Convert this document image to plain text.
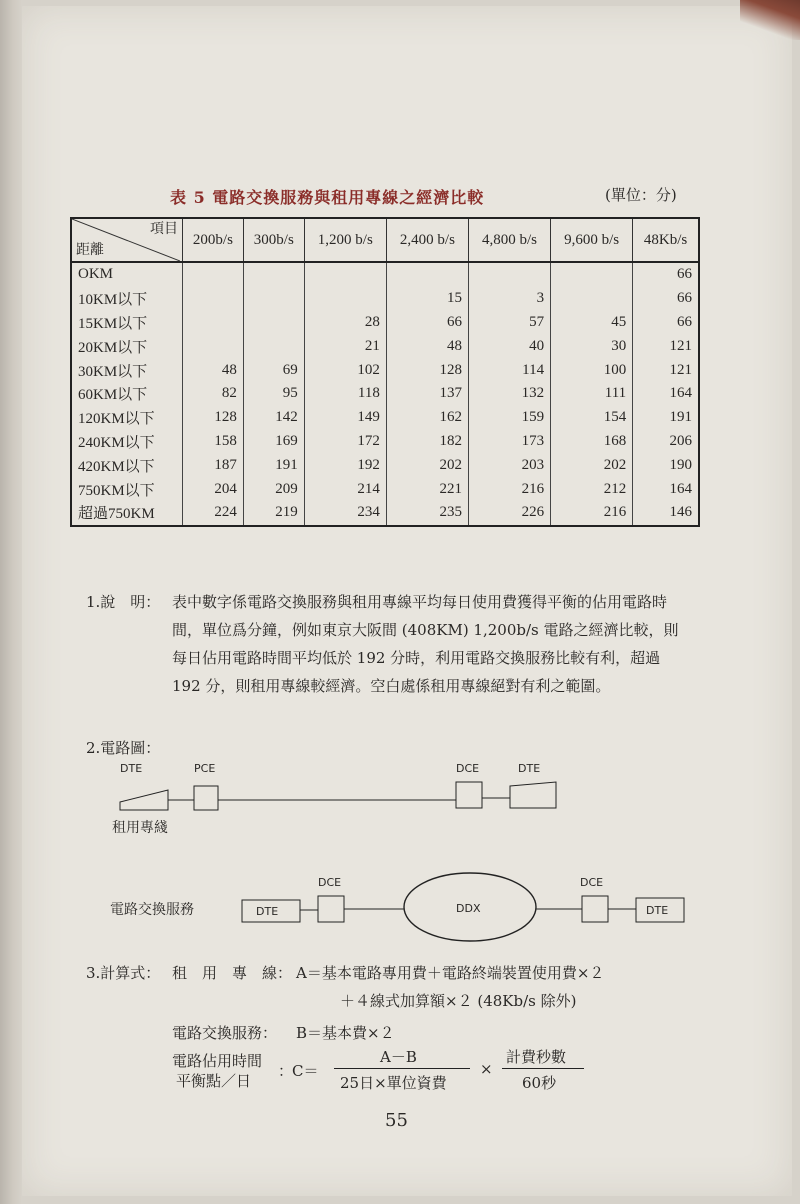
表 5 電路交換服務與租用專線之經濟比較	(單位：分)
項目
距離	200b/s	300b/s	1,200 b/s	2,400 b/s	4,800 b/s	9,600 b/s	48Kb/s
OKM							66
10KM以下				15	3		66
15KM以下			28	66	57	45	66
20KM以下			21	48	40	30	121
30KM以下	48	69	102	128	114	100	121
60KM以下	82	95	118	137	132	111	164
120KM以下	128	142	149	162	159	154	191
240KM以下	158	169	172	182	173	168	206
420KM以下	187	191	192	202	203	202	190
750KM以下	204	209	214	221	216	212	164
超過750KM	224	219	234	235	226	216	146
1.說　明： 表中數字係電路交換服務與租用專線平均每日使用費獲得平衡的佔用電路時間，單位爲分鐘，例如東京大阪間 (408KM) 1,200b/s 電路之經濟比較，則每日佔用電路時間平均低於 192 分時，利用電路交換服務比較有利，超過 192 分，則租用專線較經濟。空白處係租用專線絕對有利之範圍。
2.電路圖：
DTE	PCE	DCE	DTE
租用專綫
電路交換服務	DTE
DCE
DDX
DCE
DTE
3.計算式： 租　用　專　線： A＝基本電路專用費＋電路終端裝置使用費×２
＋４線式加算額×２ (48Kb/s 除外)
電路交換服務： B＝基本費×２
電路佔用時間
平衡點／日
：
C＝
A－B
25日×單位資費
×
計費秒數
60秒
55
